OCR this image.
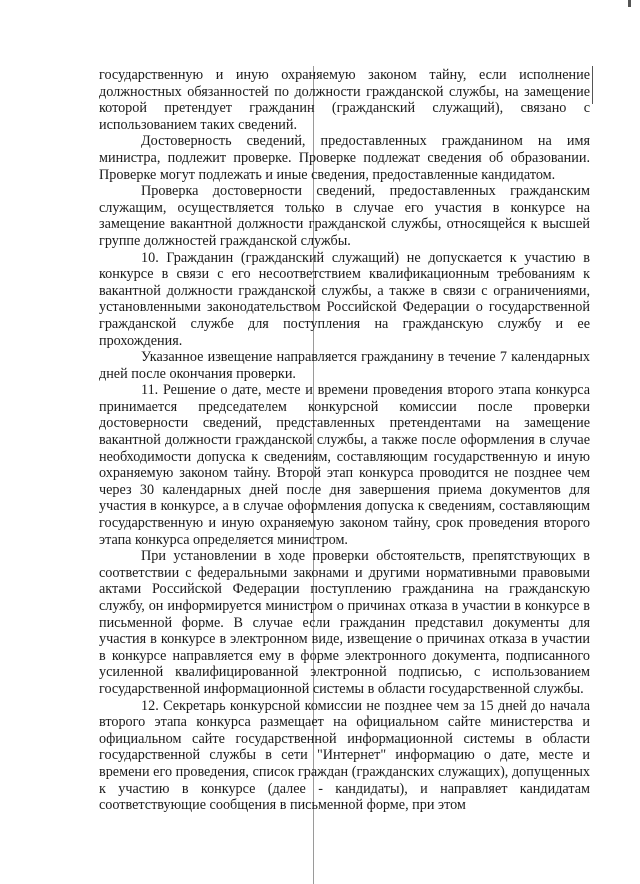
государственную и иную охраняемую законом тайну, если исполнение должностных обязанностей по должности гражданской службы, на замещение которой претендует гражданин (гражданский служащий), связано с использованием таких сведений.

Достоверность сведений, предоставленных гражданином на имя министра, подлежит проверке. Проверке подлежат сведения об образовании. Проверке могут подлежать и иные сведения, предоставленные кандидатом.

Проверка достоверности сведений, предоставленных гражданским служащим, осуществляется только в случае его участия в конкурсе на замещение вакантной должности гражданской службы, относящейся к высшей группе должностей гражданской службы.

10. Гражданин (гражданский служащий) не допускается к участию в конкурсе в связи с его несоответствием квалификационным требованиям к вакантной должности гражданской службы, а также в связи с ограничениями, установленными законодательством Российской Федерации о государственной гражданской службе для поступления на гражданскую службу и ее прохождения.

Указанное извещение направляется гражданину в течение 7 календарных дней после окончания проверки.

11. Решение о дате, месте и времени проведения второго этапа конкурса принимается председателем конкурсной комиссии после проверки достоверности сведений, представленных претендентами на замещение вакантной должности гражданской службы, а также после оформления в случае необходимости допуска к сведениям, составляющим государственную и иную охраняемую законом тайну. Второй этап конкурса проводится не позднее чем через 30 календарных дней после дня завершения приема документов для участия в конкурсе, а в случае оформления допуска к сведениям, составляющим государственную и иную охраняемую законом тайну, срок проведения второго этапа конкурса определяется министром.

При установлении в ходе проверки обстоятельств, препятствующих в соответствии с федеральными законами и другими нормативными правовыми актами Российской Федерации поступлению гражданина на гражданскую службу, он информируется министром о причинах отказа в участии в конкурсе в письменной форме. В случае если гражданин представил документы для участия в конкурсе в электронном виде, извещение о причинах отказа в участии в конкурсе направляется ему в форме электронного документа, подписанного усиленной квалифицированной электронной подписью, с использованием государственной информационной системы в области государственной службы.

12. Секретарь конкурсной комиссии не позднее чем за 15 дней до начала второго этапа конкурса размещает на официальном сайте министерства и официальном сайте государственной информационной системы в области государственной службы в сети "Интернет" информацию о дате, месте и времени его проведения, список граждан (гражданских служащих), допущенных к участию в конкурсе (далее - кандидаты), и направляет кандидатам соответствующие сообщения в письменной форме, при этом
